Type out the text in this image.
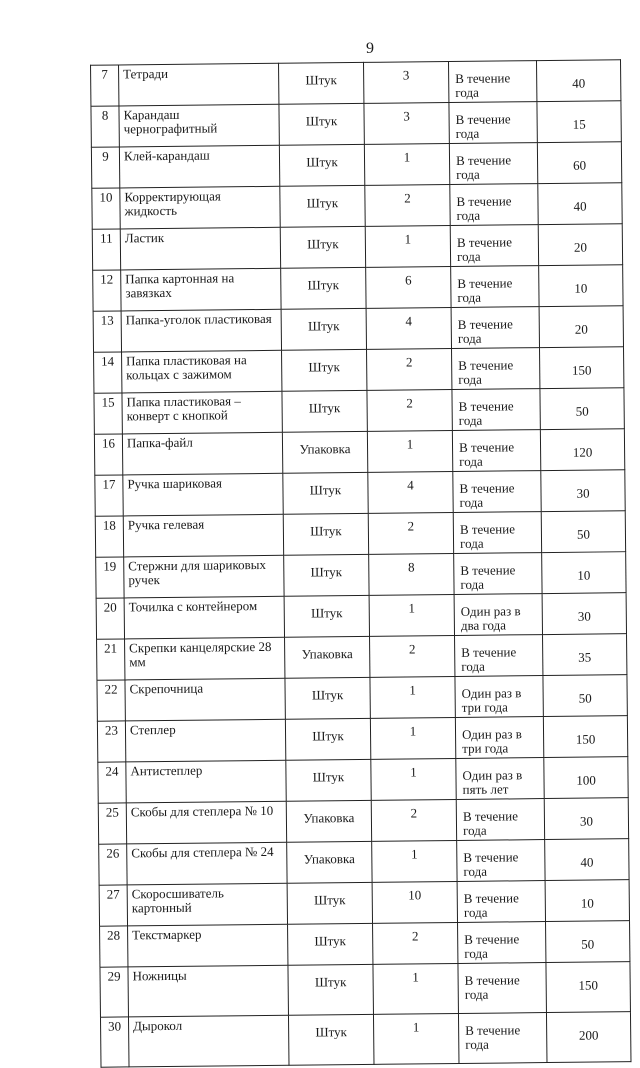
9
7	Тетради	Штук	3	В течение года	40
8	Карандаш чернографитный	Штук	3	В течение года	15
9	Клей-карандаш	Штук	1	В течение года	60
10	Корректирующая жидкость	Штук	2	В течение года	40
11	Ластик	Штук	1	В течение года	20
12	Папка картонная на завязках	Штук	6	В течение года	10
13	Папка-уголок пластиковая	Штук	4	В течение года	20
14	Папка пластиковая на кольцах с зажимом	Штук	2	В течение года	150
15	Папка пластиковая – конверт с кнопкой	Штук	2	В течение года	50
16	Папка-файл	Упаковка	1	В течение года	120
17	Ручка шариковая	Штук	4	В течение года	30
18	Ручка гелевая	Штук	2	В течение года	50
19	Стержни для шариковых ручек	Штук	8	В течение года	10
20	Точилка с контейнером	Штук	1	Один раз в два года	30
21	Скрепки канцелярские 28 мм	Упаковка	2	В течение года	35
22	Скрепочница	Штук	1	Один раз в три года	50
23	Степлер	Штук	1	Один раз в три года	150
24	Антистеплер	Штук	1	Один раз в пять лет	100
25	Скобы для степлера № 10	Упаковка	2	В течение года	30
26	Скобы для степлера № 24	Упаковка	1	В течение года	40
27	Скоросшиватель картонный	Штук	10	В течение года	10
28	Текстмаркер	Штук	2	В течение года	50
29	Ножницы	Штук	1	В течение года	150
30	Дырокол	Штук	1	В течение года	200
